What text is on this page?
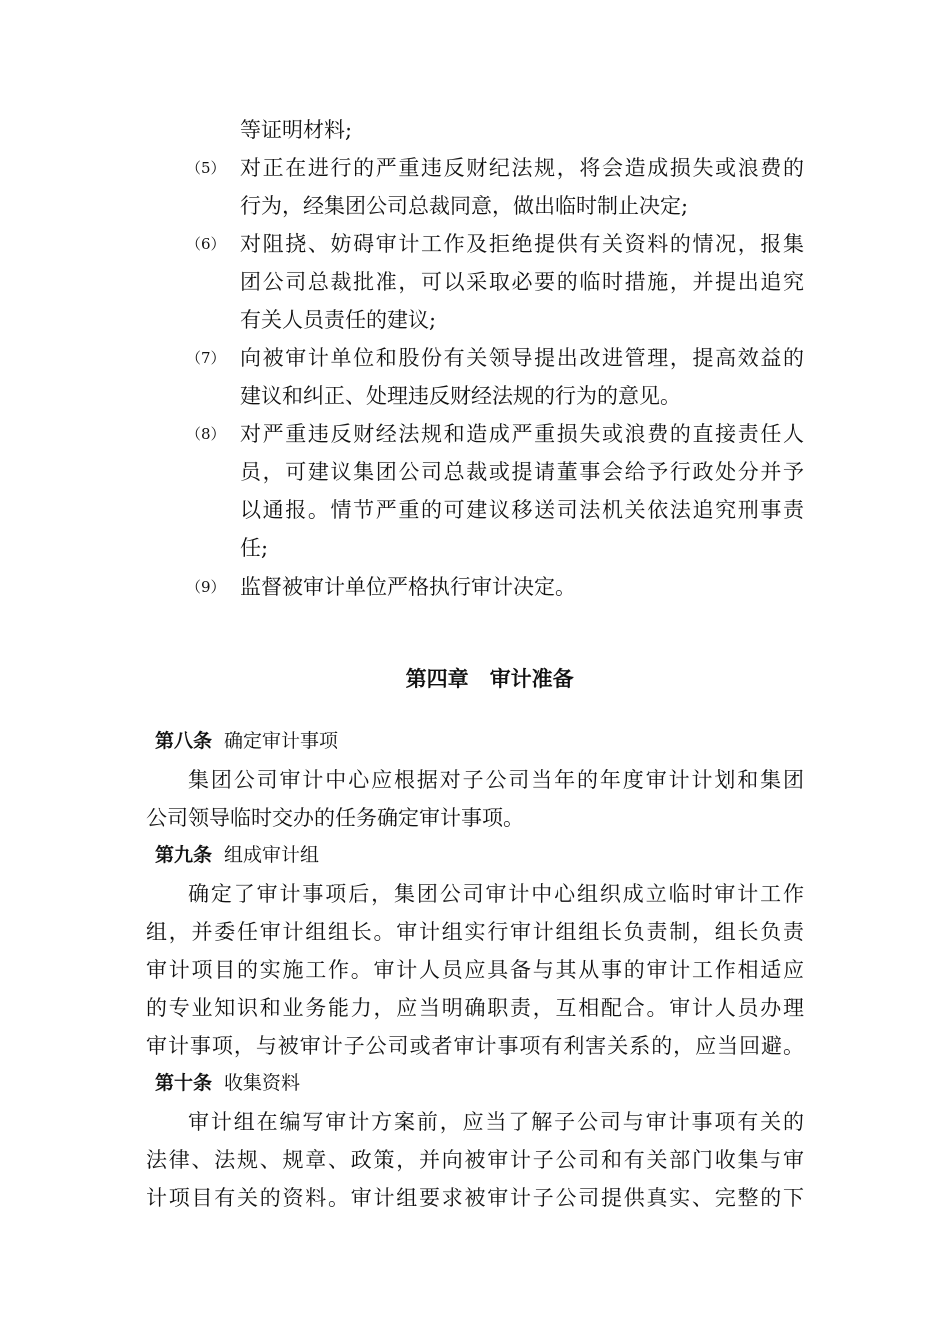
等证明材料;
（5） 对正在进行的严重违反财纪法规，将会造成损失或浪费的
行为，经集团公司总裁同意，做出临时制止决定;
（6） 对阻挠、妨碍审计工作及拒绝提供有关资料的情况，报集
团公司总裁批准，可以采取必要的临时措施，并提出追究
有关人员责任的建议;
（7） 向被审计单位和股份有关领导提出改进管理，提高效益的
建议和纠正、处理违反财经法规的行为的意见。
（8） 对严重违反财经法规和造成严重损失或浪费的直接责任人
员，可建议集团公司总裁或提请董事会给予行政处分并予
以通报。情节严重的可建议移送司法机关依法追究刑事责
任;
（9） 监督被审计单位严格执行审计决定。

第四章　 审计准备

第八条 确定审计事项
集团公司审计中心应根据对子公司当年的年度审计计划和集团
公司领导临时交办的任务确定审计事项。
第九条 组成审计组
确定了审计事项后，集团公司审计中心组织成立临时审计工作
组，并委任审计组组长。审计组实行审计组组长负责制，组长负责
审计项目的实施工作。审计人员应具备与其从事的审计工作相适应
的专业知识和业务能力，应当明确职责，互相配合。审计人员办理
审计事项，与被审计子公司或者审计事项有利害关系的，应当回避。
第十条 收集资料
审计组在编写审计方案前，应当了解子公司与审计事项有关的
法律、法规、规章、政策，并向被审计子公司和有关部门收集与审
计项目有关的资料。审计组要求被审计子公司提供真实、完整的下
